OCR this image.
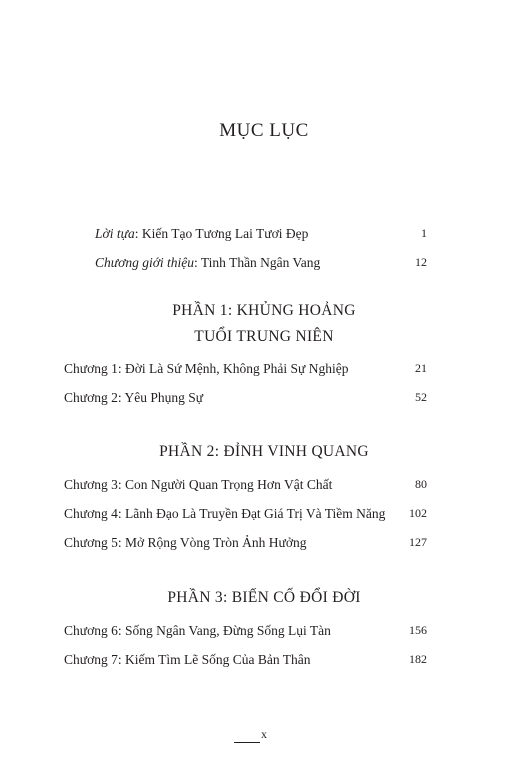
MỤC LỤC
Lời tựa: Kiến Tạo Tương Lai Tươi Đẹp	1
Chương giới thiệu: Tinh Thần Ngân Vang	12
PHẦN 1: KHỦNG HOẢNG
TUỔI TRUNG NIÊN
Chương 1: Đời Là Sứ Mệnh, Không Phải Sự Nghiệp	21
Chương 2: Yêu Phụng Sự	52
PHẦN 2: ĐỈNH VINH QUANG
Chương 3: Con Người Quan Trọng Hơn Vật Chất	80
Chương 4: Lãnh Đạo Là Truyền Đạt Giá Trị Và Tiềm Năng 102
Chương 5: Mở Rộng Vòng Tròn Ảnh Hưởng	127
PHẦN 3: BIẾN CỐ ĐỔI ĐỜI
Chương 6: Sống Ngân Vang, Đừng Sống Lụi Tàn	156
Chương 7: Kiếm Tìm Lẽ Sống Của Bản Thân	182
x
